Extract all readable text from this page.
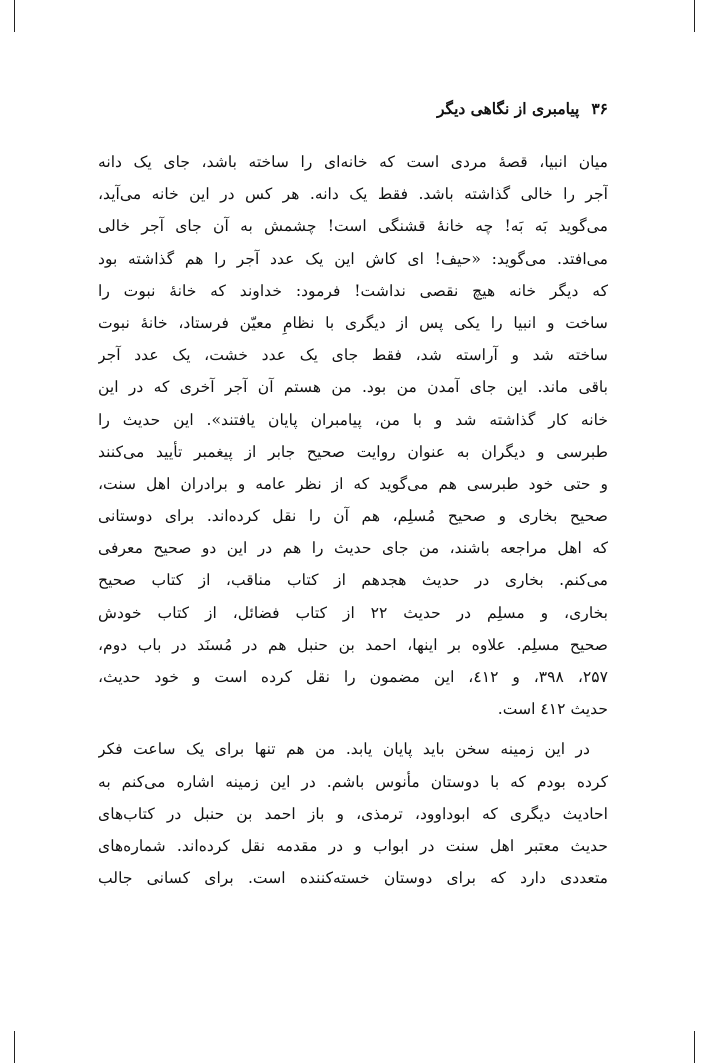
۳۶
پیامبری از نگاهی دیگر
میان انبیا، قصهٔ مردی است که خانه‌ای را ساخته باشد، جای یک دانه
آجر را خالی گذاشته باشد. فقط یک دانه. هر کس در این خانه می‌آید،
می‌گوید بَه بَه! چه خانهٔ قشنگی است! چشمش به آن جای آجر خالی
می‌افتد. می‌گوید: «حیف! ای کاش این یک عدد آجر را هم گذاشته بود
که دیگر خانه هیچ نقصی نداشت! فرمود: خداوند که خانهٔ نبوت را
ساخت و انبیا را یکی پس از دیگری با نظامِ معیّن فرستاد، خانهٔ نبوت
ساخته شد و آراسته شد، فقط جای یک عدد خشت، یک عدد آجر
باقی ماند. این جای آمدن من بود. من هستم آن آجر آخری که در این
خانه کار گذاشته شد و با من، پیامبران پایان یافتند». این حدیث را
طبرسی و دیگران به عنوان روایت صحیح جابر از پیغمبر تأیید می‌کنند
و حتی خود طبرسی هم می‌گوید که از نظر عامه و برادران اهل سنت،
صحیح بخاری و صحیح مُسلِم، هم آن را نقل کرده‌اند. برای دوستانی
که اهل مراجعه باشند، من جای حدیث را هم در این دو صحیح معرفی
می‌کنم. بخاری در حدیث هجدهم از کتاب مناقب، از کتاب صحیح
بخاری، و مسلِم در حدیث ۲۲ از کتاب فضائل، از کتاب خودش
صحیح مسلِم. علاوه بر اینها، احمد بن حنبل هم در مُسنَد در باب دوم،
۲۵۷، ۳۹۸، و ٤۱۲، این مضمون را نقل کرده است و خود حدیث،
حدیث ٤۱۲ است.
در این زمینه سخن باید پایان یابد. من هم تنها برای یک ساعت فکر
کرده بودم که با دوستان مأنوس باشم. در این زمینه اشاره می‌کنم به
احادیث دیگری که ابوداوود، ترمذی، و باز احمد بن حنبل در کتاب‌های
حدیث معتبر اهل سنت در ابواب و در مقدمه نقل کرده‌اند. شماره‌های
متعددی دارد که برای دوستان خسته‌کننده است. برای کسانی جالب
